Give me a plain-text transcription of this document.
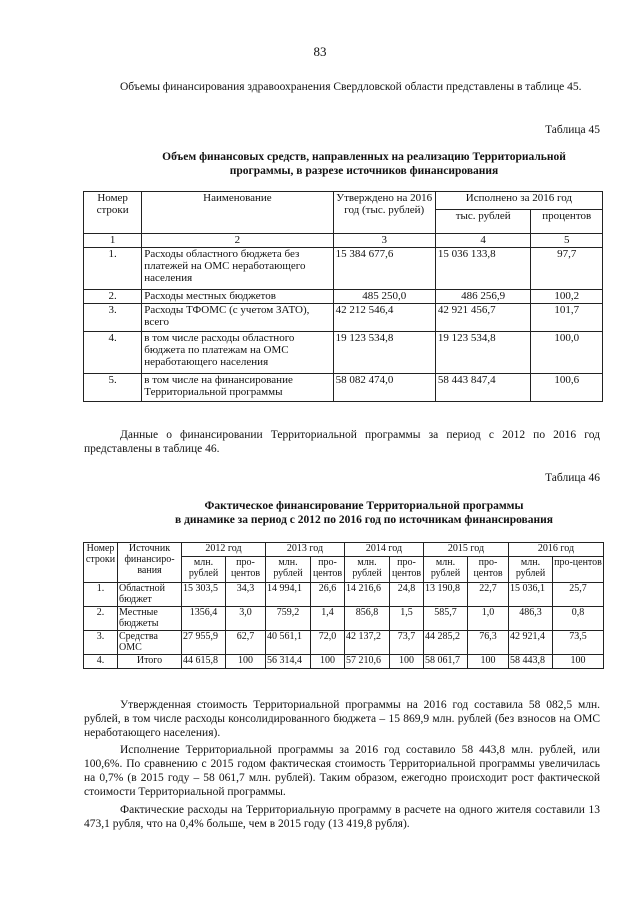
83
Объемы финансирования здравоохранения Свердловской области представлены в таблице 45.
Таблица 45
Объем финансовых средств, направленных на реализацию Территориальной
программы, в разрезе источников финансирования
Номер строки	Наименование	Утверждено на 2016 год (тыс. рублей)	Исполнено за 2016 год	
			тыс. рублей	процентов
1	2	3	4	5
1.	Расходы областного бюджета без платежей на ОМС неработающего населения	15 384 677,6	15 036 133,8	97,7
2.	Расходы местных бюджетов	485 250,0	486 256,9	100,2
3.	Расходы ТФОМС (с учетом ЗАТО), всего	42 212 546,4	42 921 456,7	101,7
4.	в том числе расходы областного бюджета по платежам на ОМС неработающего населения	19 123 534,8	19 123 534,8	100,0
5.	в том числе на финансирование Территориальной программы	58 082 474,0	58 443 847,4	100,6
Данные о финансировании Территориальной программы за период с 2012 по 2016 год представлены в таблице 46.
Таблица 46
Фактическое финансирование Территориальной программы
в динамике за период с 2012 по 2016 год по источникам финансирования
Номер строки	Источник финансиро-вания	2012 год		2013 год		2014 год		2015 год		2016 год	
		млн. рублей	про-центов	млн. рублей	про-центов	млн. рублей	про-центов	млн. рублей	про-центов	млн. рублей	про-центов
1.	Областной бюджет	15 303,5	34,3	14 994,1	26,6	14 216,6	24,8	13 190,8	22,7	15 036,1	25,7
2.	Местные бюджеты	1356,4	3,0	759,2	1,4	856,8	1,5	585,7	1,0	486,3	0,8
3.	Средства ОМС	27 955,9	62,7	40 561,1	72,0	42 137,2	73,7	44 285,2	76,3	42 921,4	73,5
4.	Итого	44 615,8	100	56 314,4	100	57 210,6	100	58 061,7	100	58 443,8	100
Утвержденная стоимость Территориальной программы на 2016 год составила 58 082,5 млн. рублей, в том числе расходы консолидированного бюджета – 15 869,9 млн. рублей (без взносов на ОМС неработающего населения).
Исполнение Территориальной программы за 2016 год составило 58 443,8 млн. рублей, или 100,6%. По сравнению с 2015 годом фактическая стоимость Территориальной программы увеличилась на 0,7% (в 2015 году – 58 061,7 млн. рублей). Таким образом, ежегодно происходит рост фактической стоимости Территориальной программы.
Фактические расходы на Территориальную программу в расчете на одного жителя составили 13 473,1 рубля, что на 0,4% больше, чем в 2015 году (13 419,8 рубля).
